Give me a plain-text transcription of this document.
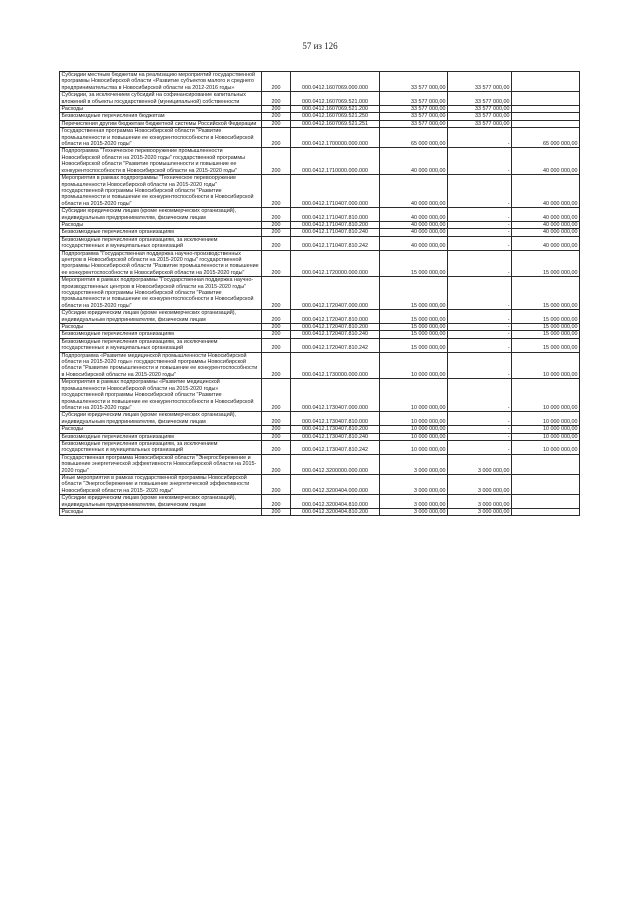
57 из 126
Субсидии местным бюджетам на реализацию мероприятий государственной программы Новосибирской области «Развитие субъектов малого и среднего предпринимательства в Новосибирской области на 2012-2016 годы»	200	000.0412.1607069.000.000	33 577 000,00	33 577 000,00	
Субсидии, за исключением субсидий на софинансирование капитальных вложений в объекты государственной (муниципальной) собственности	200	000.0412.1607069.521.000	33 577 000,00	33 577 000,00	
Расходы	200	000.0412.1607069.521.200	33 577 000,00	33 577 000,00	
Безвозмездные перечисления бюджетам	200	000.0412.1607069.521.250	33 577 000,00	33 577 000,00	
Перечисления другим бюджетам бюджетной системы Российской Федерации	200	000.0412.1607069.521.251	33 577 000,00	33 577 000,00	
Государственная программа Новосибирской области "Развитие промышленности и повышение ее конкурентоспособности в Новосибирской области на 2015-2020 годы"	200	000.0412.1700000.000.000	65 000 000,00	-	65 000 000,00
Подпрограмма "Техническое перевооружение промышленности Новосибирской области на 2015-2020 годы" государственной программы Новосибирской области "Развитие промышленности и повышение ее конкурентоспособности в Новосибирской области на 2015-2020 годы"	200	000.0412.1710000.000.000	40 000 000,00	-	40 000 000,00
Мероприятия в рамках подпрограммы "Техническое перевооружение промышленности Новосибирской области на 2015-2020 годы" государственной программы Новосибирской области "Развитие промышленности и повышение ее конкурентоспособности в Новосибирской области на 2015-2020 годы"	200	000.0412.1710407.000.000	40 000 000,00	-	40 000 000,00
Субсидии юридическим лицам (кроме некоммерческих организаций), индивидуальным предпринимателям, физическим лицам	200	000.0412.1710407.810.000	40 000 000,00	-	40 000 000,00
Расходы	200	000.0412.1710407.810.200	40 000 000,00	-	40 000 000,00
Безвозмездные перечисления организациям	200	000.0412.1710407.810.240	40 000 000,00	-	40 000 000,00
Безвозмездные перечисления организациям, за исключением государственных и муниципальных организаций	200	000.0412.1710407.810.242	40 000 000,00	-	40 000 000,00
Подпрограмма "Государственная поддержка научно-производственных центров в Новосибирской области на 2015-2020 годы" государственной программы Новосибирской области "Развитие промышленности и повышение ее конкурентоспособности в Новосибирской области на 2015-2020 годы"	200	000.0412.1720000.000.000	15 000 000,00	-	15 000 000,00
Мероприятия в рамках подпрограммы "Государственная поддержка научно-производственных центров в Новосибирской области на 2015-2020 годы" государственной программы Новосибирской области "Развитие промышленности и повышение ее конкурентоспособности в Новосибирской области на 2015-2020 годы"	200	000.0412.1720407.000.000	15 000 000,00	-	15 000 000,00
Субсидии юридическим лицам (кроме некоммерческих организаций), индивидуальным предпринимателям, физическим лицам	200	000.0412.1720407.810.000	15 000 000,00	-	15 000 000,00
Расходы	200	000.0412.1720407.810.200	15 000 000,00	-	15 000 000,00
Безвозмездные перечисления организациям	200	000.0412.1720407.810.240	15 000 000,00	-	15 000 000,00
Безвозмездные перечисления организациям, за исключением государственных и муниципальных организаций	200	000.0412.1720407.810.242	15 000 000,00	-	15 000 000,00
Подпрограмма «Развитие медицинской промышленности Новосибирской области на 2015-2020 годы» государственной программы Новосибирской области "Развитие промышленности и повышение ее конкурентоспособности в Новосибирской области на 2015-2020 годы"	200	000.0412.1730000.000.000	10 000 000,00	-	10 000 000,00
Мероприятия в рамках подпрограммы «Развитие медицинской промышленности Новосибирской области на 2015-2020 годы» государственной программы Новосибирской области "Развитие промышленности и повышение ее конкурентоспособности в Новосибирской области на 2015-2020 годы"	200	000.0412.1730407.000.000	10 000 000,00	-	10 000 000,00
Субсидии юридическим лицам (кроме некоммерческих организаций), индивидуальным предпринимателям, физическим лицам	200	000.0412.1730407.810.000	10 000 000,00	-	10 000 000,00
Расходы	200	000.0412.1730407.810.200	10 000 000,00	-	10 000 000,00
Безвозмездные перечисления организациям	200	000.0412.1730407.810.240	10 000 000,00	-	10 000 000,00
Безвозмездные перечисления организациям, за исключением государственных и муниципальных организаций	200	000.0412.1730407.810.242	10 000 000,00	-	10 000 000,00
Государственная программа Новосибирской области "Энергосбережение и повышение энергетической эффективности Новосибирской области на 2015- 2020 годы"	200	000.0412.3200000.000.000	3 000 000,00	3 000 000,00	
Иные мероприятия в рамках государственной программы Новосибирской области "Энергосбережение и повышение энергетической эффективности Новосибирской области на 2015- 2020 годы"	200	000.0412.3200404.000.000	3 000 000,00	3 000 000,00	
Субсидии юридическим лицам (кроме некоммерческих организаций), индивидуальным предпринимателям, физическим лицам	200	000.0412.3200404.810.000	3 000 000,00	3 000 000,00	
Расходы	200	000.0412.3200404.810.200	3 000 000,00	3 000 000,00	
